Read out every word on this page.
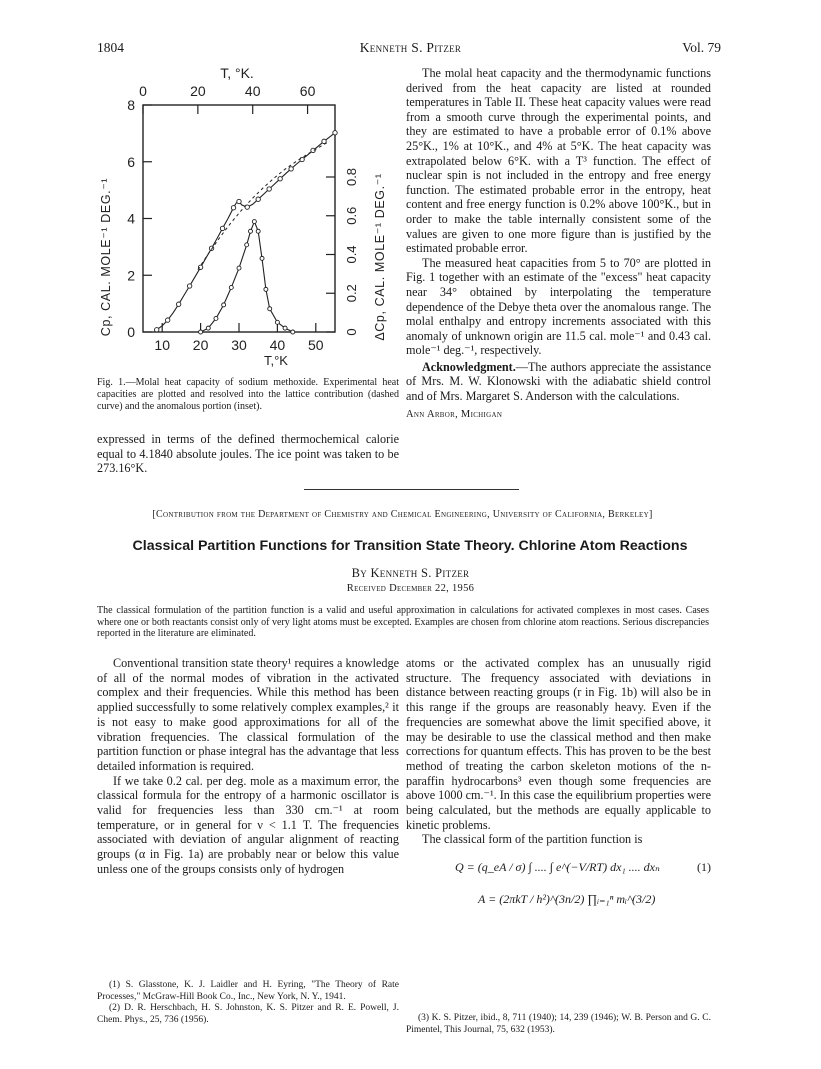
1804	Kenneth S. Pitzer	Vol. 79
T, °K.
0	20	40	60
0
2
4
6
8
0
0.2
0.4
0.6
0.8
10 20 30 40 50
Cp, CAL. MOLE⁻¹ DEG.⁻¹	ΔCp, CAL. MOLE⁻¹ DEG.⁻¹
T,°K
Fig. 1.—Molal heat capacity of sodium methoxide. Experimental heat capacities are plotted and resolved into the lattice contribution (dashed curve) and the anomalous portion (inset).

expressed in terms of the defined thermochemical calorie equal to 4.1840 absolute joules. The ice point was taken to be 273.16°K.

The molal heat capacity and the thermodynamic functions derived from the heat capacity are listed at rounded temperatures in Table II. These heat capacity values were read from a smooth curve through the experimental points, and they are estimated to have a probable error of 0.1% above 25°K., 1% at 10°K., and 4% at 5°K. The heat capacity was extrapolated below 6°K. with a T³ function. The effect of nuclear spin is not included in the entropy and free energy function. The estimated probable error in the entropy, heat content and free energy function is 0.2% above 100°K., but in order to make the table internally consistent some of the values are given to one more figure than is justified by the estimated probable error.

The measured heat capacities from 5 to 70° are plotted in Fig. 1 together with an estimate of the "excess" heat capacity near 34° obtained by interpolating the temperature dependence of the Debye theta over the anomalous range. The molal enthalpy and entropy increments associated with this anomaly of unknown origin are 11.5 cal. mole⁻¹ and 0.43 cal. mole⁻¹ deg.⁻¹, respectively.

Acknowledgment.—The authors appreciate the assistance of Mrs. M. W. Klonowski with the adiabatic shield control and of Mrs. Margaret S. Anderson with the calculations.

Ann Arbor, Michigan

[Contribution from the Department of Chemistry and Chemical Engineering, University of California, Berkeley]
Classical Partition Functions for Transition State Theory. Chlorine Atom Reactions
By Kenneth S. Pitzer
Received December 22, 1956
The classical formulation of the partition function is a valid and useful approximation in calculations for activated complexes in most cases. Cases where one or both reactants consist only of very light atoms must be excepted. Examples are chosen from chlorine atom reactions. Serious discrepancies reported in the literature are eliminated.

Conventional transition state theory¹ requires a knowledge of all of the normal modes of vibration in the activated complex and their frequencies. While this method has been applied successfully to some relatively complex examples,² it is not easy to make good approximations for all of the vibration frequencies. The classical formulation of the partition function or phase integral has the advantage that less detailed information is required.

If we take 0.2 cal. per deg. mole as a maximum error, the classical formula for the entropy of a harmonic oscillator is valid for frequencies less than 330 cm.⁻¹ at room temperature, or in general for ν < 1.1 T. The frequencies associated with deviation of angular alignment of reacting groups (α in Fig. 1a) are probably near or below this value unless one of the groups consists only of hydrogen

(1) S. Glasstone, K. J. Laidler and H. Eyring, "The Theory of Rate Processes," McGraw-Hill Book Co., Inc., New York, N. Y., 1941.

(2) D. R. Herschbach, H. S. Johnston, K. S. Pitzer and R. E. Powell, J. Chem. Phys., 25, 736 (1956).

atoms or the activated complex has an unusually rigid structure. The frequency associated with deviations in distance between reacting groups (r in Fig. 1b) will also be in this range if the groups are reasonably heavy. Even if the frequencies are somewhat above the limit specified above, it may be desirable to use the classical method and then make corrections for quantum effects. This has proven to be the best method of treating the carbon skeleton motions of the n-paraffin hydrocarbons³ even though some frequencies are above 1000 cm.⁻¹. In this case the equilibrium properties were being calculated, but the methods are equally applicable to kinetic problems.

The classical form of the partition function is

Q = (q_eA / σ) ∫ .... ∫ e^(−V/RT) dx₁ .... dxₙ	(1)
A = (2πkT / h²)^(3n/2) ∏ᵢ₌₁ⁿ mᵢ^(3/2)

(3) K. S. Pitzer, ibid., 8, 711 (1940); 14, 239 (1946); W. B. Person and G. C. Pimentel, This Journal, 75, 632 (1953).
